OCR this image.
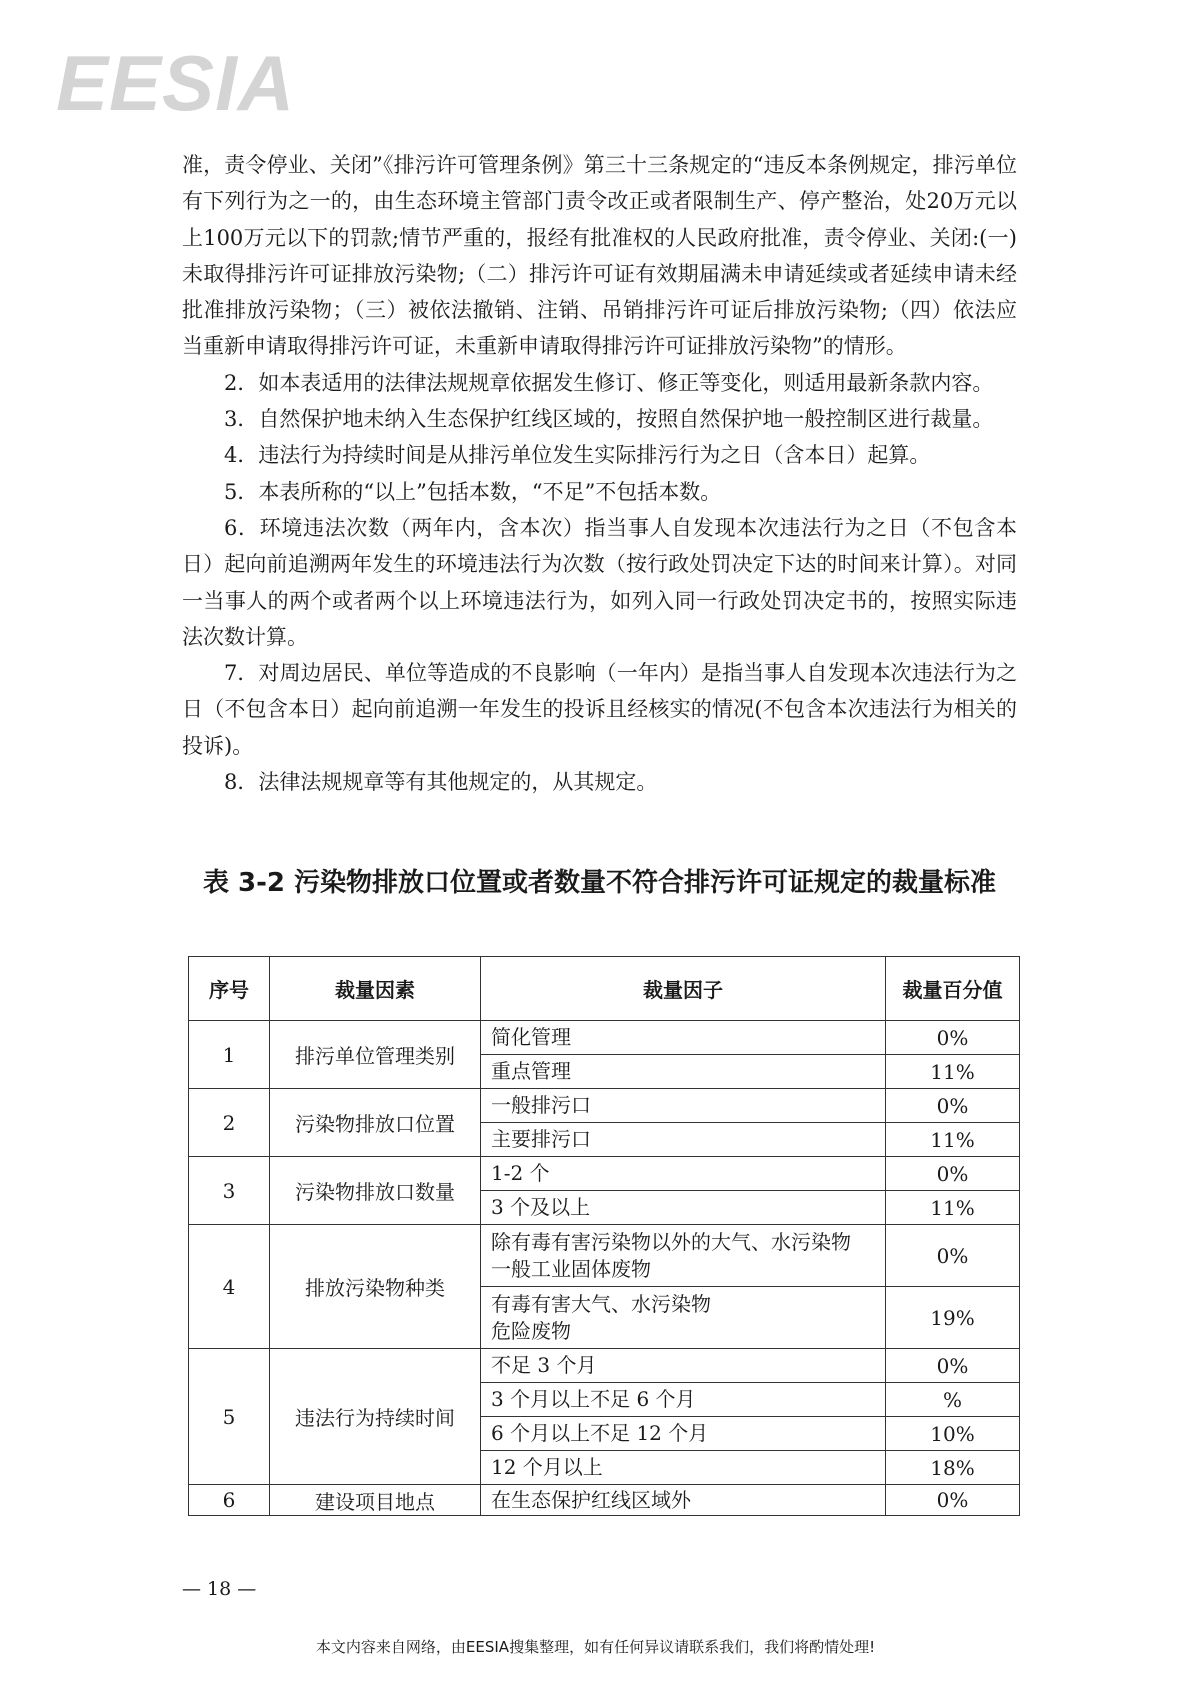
EESIA

准，责令停业、关闭”《排污许可管理条例》第三十三条规定的“违反本条例规定，排污单位有下列行为之一的，由生态环境主管部门责令改正或者限制生产、停产整治，处20万元以上100万元以下的罚款;情节严重的，报经有批准权的人民政府批准，责令停业、关闭:(一)未取得排污许可证排放污染物;（二）排污许可证有效期届满未申请延续或者延续申请未经批准排放污染物；（三）被依法撤销、注销、吊销排污许可证后排放污染物;（四）依法应当重新申请取得排污许可证，未重新申请取得排污许可证排放污染物”的情形。

2．如本表适用的法律法规规章依据发生修订、修正等变化，则适用最新条款内容。

3．自然保护地未纳入生态保护红线区域的，按照自然保护地一般控制区进行裁量。

4．违法行为持续时间是从排污单位发生实际排污行为之日（含本日）起算。

5．本表所称的“以上”包括本数，“不足”不包括本数。

6．环境违法次数（两年内，含本次）指当事人自发现本次违法行为之日（不包含本日）起向前追溯两年发生的环境违法行为次数（按行政处罚决定下达的时间来计算）。对同一当事人的两个或者两个以上环境违法行为，如列入同一行政处罚决定书的，按照实际违法次数计算。

7．对周边居民、单位等造成的不良影响（一年内）是指当事人自发现本次违法行为之日（不包含本日）起向前追溯一年发生的投诉且经核实的情况(不包含本次违法行为相关的投诉)。

8．法律法规规章等有其他规定的，从其规定。

表 3-2 污染物排放口位置或者数量不符合排污许可证规定的裁量标准
序号	裁量因素	裁量因子	裁量百分值
1	排污单位管理类别	简化管理	0%
		重点管理	11%
2	污染物排放口位置	一般排污口	0%
		主要排污口	11%
3	污染物排放口数量	1-2 个	0%
		3 个及以上	11%
4	排放污染物种类	除有毒有害污染物以外的大气、水污染物
一般工业固体废物	0%
		有毒有害大气、水污染物
危险废物	19%
5	违法行为持续时间	不足 3 个月	0%
		3 个月以上不足 6 个月	%
		6 个月以上不足 12 个月	10%
		12 个月以上	18%
6	建设项目地点	在生态保护红线区域外	0%
— 18 —
本文内容来自网络，由EESIA搜集整理，如有任何异议请联系我们，我们将酌情处理!
